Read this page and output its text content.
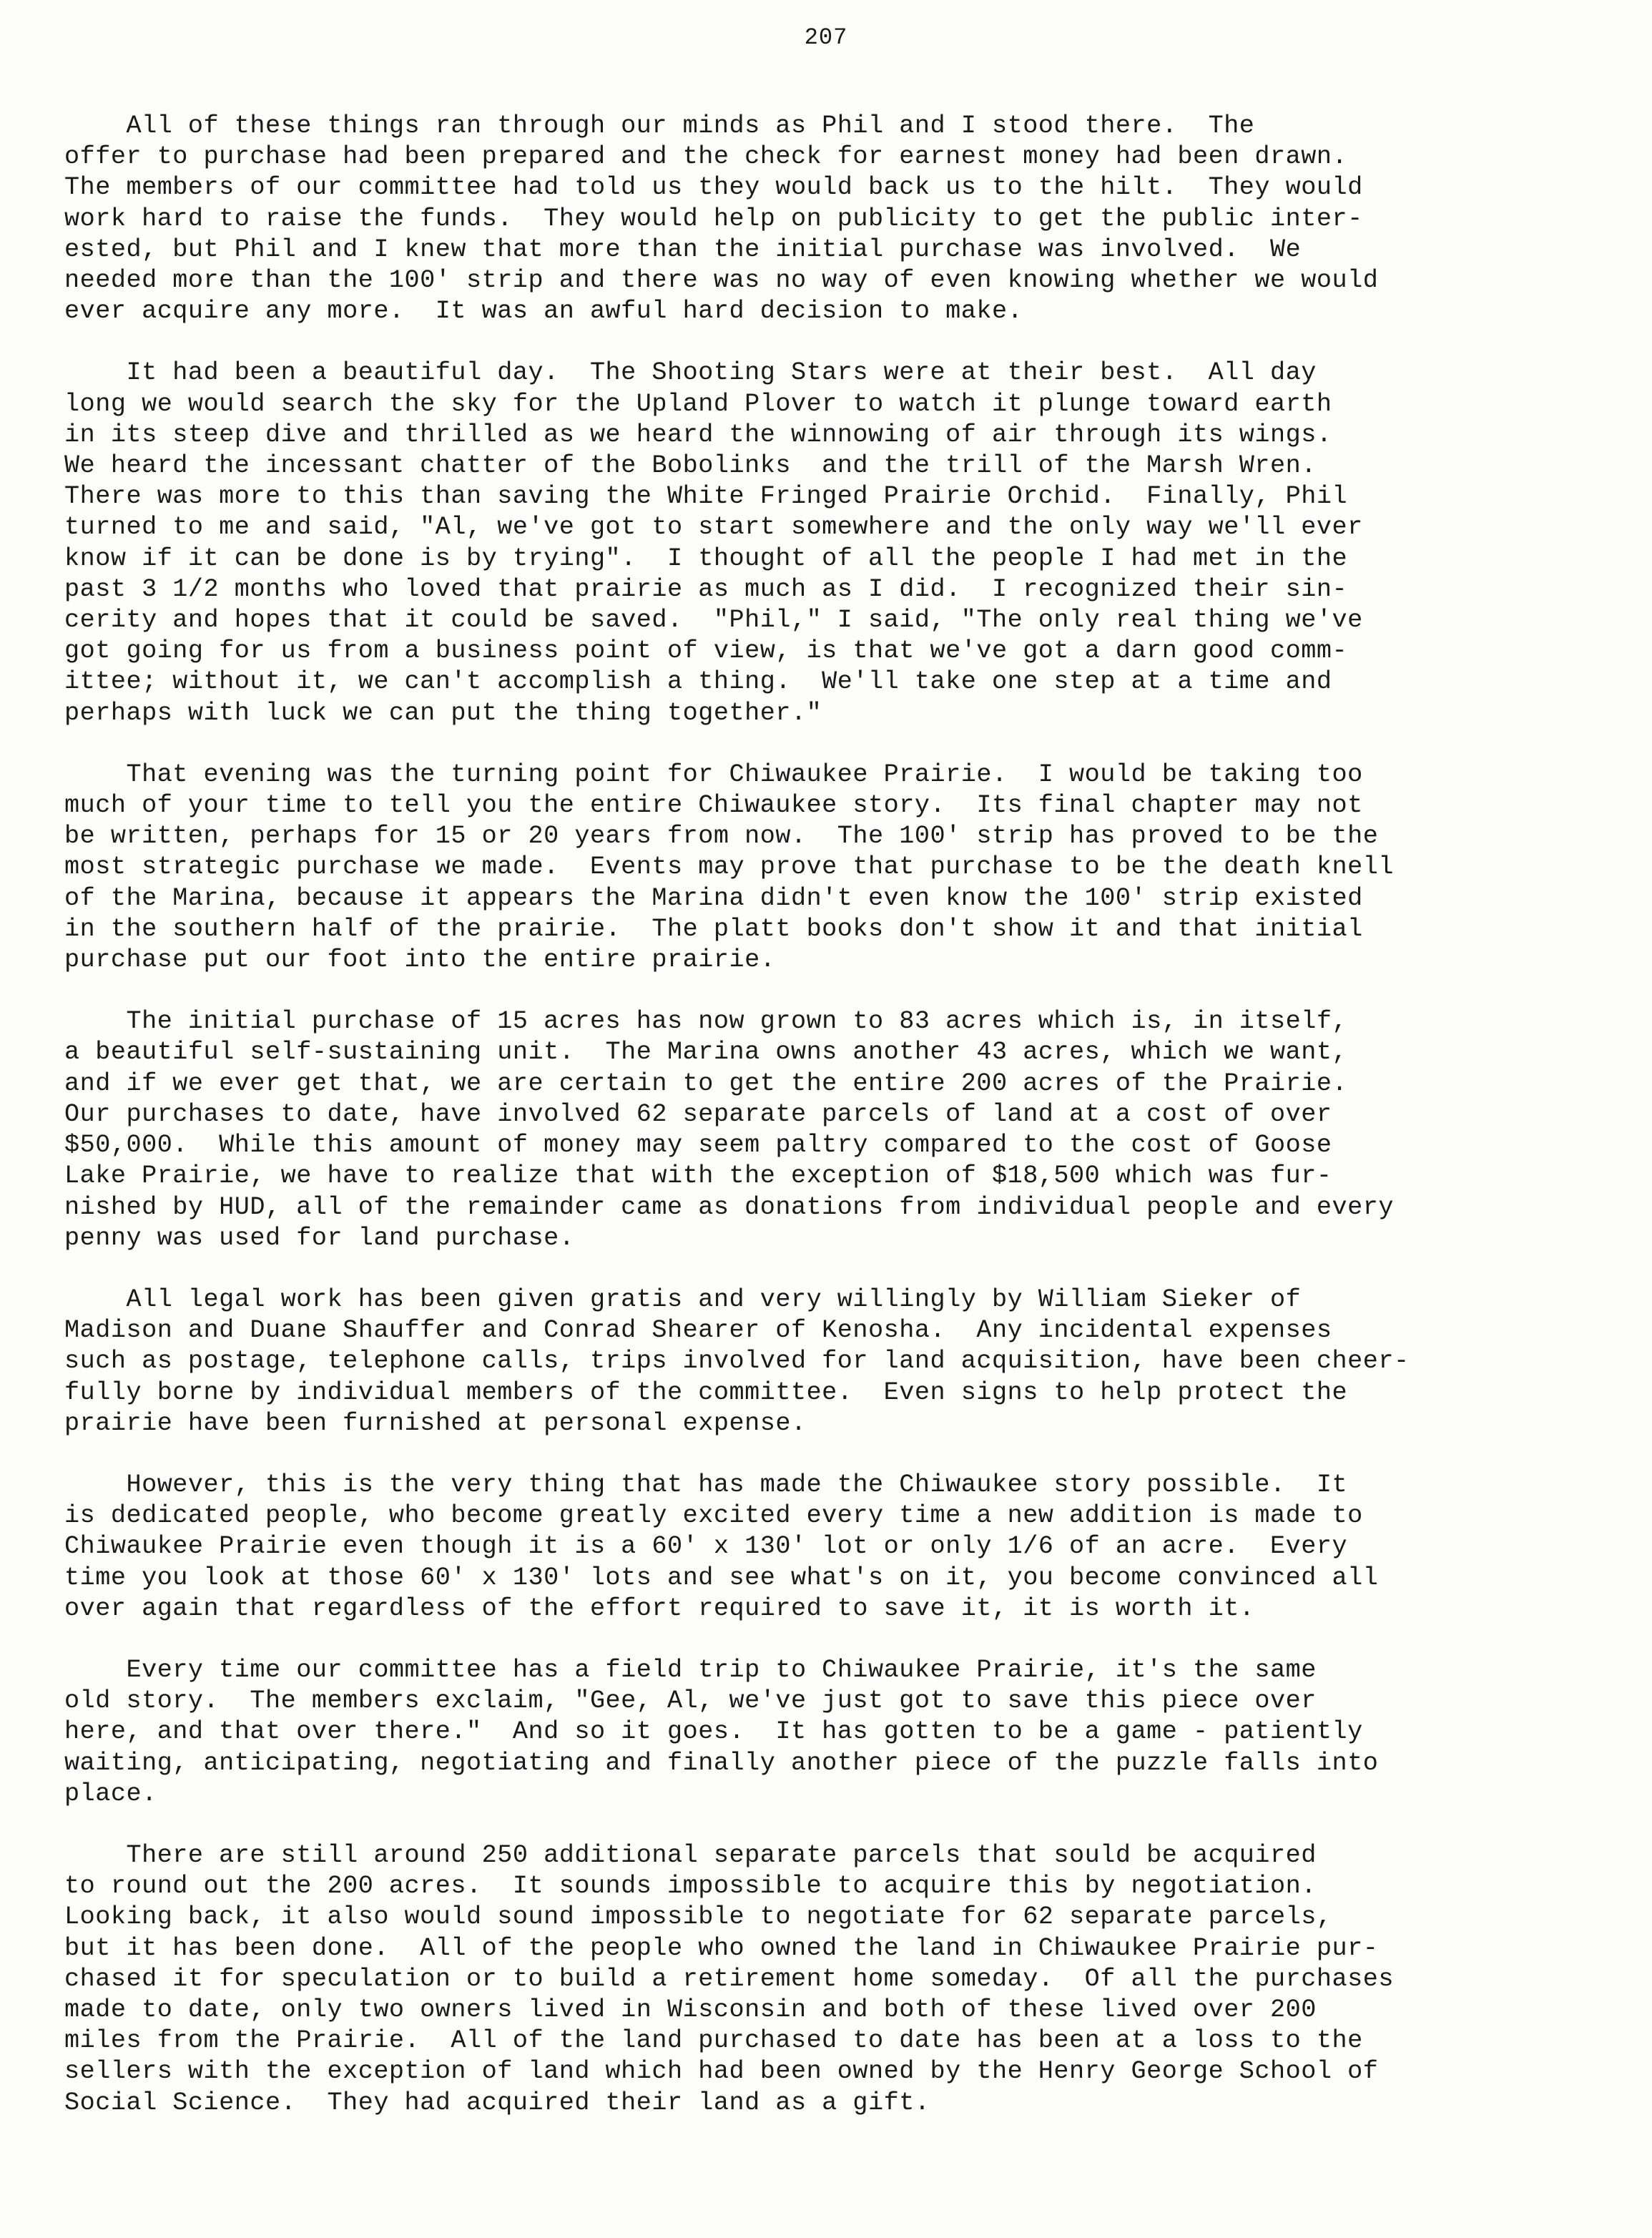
207
All of these things ran through our minds as Phil and I stood there.  The
offer to purchase had been prepared and the check for earnest money had been drawn.
The members of our committee had told us they would back us to the hilt.  They would
work hard to raise the funds.  They would help on publicity to get the public inter-
ested, but Phil and I knew that more than the initial purchase was involved.  We
needed more than the 100' strip and there was no way of even knowing whether we would
ever acquire any more.  It was an awful hard decision to make.
It had been a beautiful day.  The Shooting Stars were at their best.  All day
long we would search the sky for the Upland Plover to watch it plunge toward earth
in its steep dive and thrilled as we heard the winnowing of air through its wings.
We heard the incessant chatter of the Bobolinks  and the trill of the Marsh Wren.
There was more to this than saving the White Fringed Prairie Orchid.  Finally, Phil
turned to me and said, "Al, we've got to start somewhere and the only way we'll ever
know if it can be done is by trying".  I thought of all the people I had met in the
past 3 1/2 months who loved that prairie as much as I did.  I recognized their sin-
cerity and hopes that it could be saved.  "Phil," I said, "The only real thing we've
got going for us from a business point of view, is that we've got a darn good comm-
ittee; without it, we can't accomplish a thing.  We'll take one step at a time and
perhaps with luck we can put the thing together."
That evening was the turning point for Chiwaukee Prairie.  I would be taking too
much of your time to tell you the entire Chiwaukee story.  Its final chapter may not
be written, perhaps for 15 or 20 years from now.  The 100' strip has proved to be the
most strategic purchase we made.  Events may prove that purchase to be the death knell
of the Marina, because it appears the Marina didn't even know the 100' strip existed
in the southern half of the prairie.  The platt books don't show it and that initial
purchase put our foot into the entire prairie.
The initial purchase of 15 acres has now grown to 83 acres which is, in itself,
a beautiful self-sustaining unit.  The Marina owns another 43 acres, which we want,
and if we ever get that, we are certain to get the entire 200 acres of the Prairie.
Our purchases to date, have involved 62 separate parcels of land at a cost of over
$50,000.  While this amount of money may seem paltry compared to the cost of Goose
Lake Prairie, we have to realize that with the exception of $18,500 which was fur-
nished by HUD, all of the remainder came as donations from individual people and every
penny was used for land purchase.
All legal work has been given gratis and very willingly by William Sieker of
Madison and Duane Shauffer and Conrad Shearer of Kenosha.  Any incidental expenses
such as postage, telephone calls, trips involved for land acquisition, have been cheer-
fully borne by individual members of the committee.  Even signs to help protect the
prairie have been furnished at personal expense.
However, this is the very thing that has made the Chiwaukee story possible.  It
is dedicated people, who become greatly excited every time a new addition is made to
Chiwaukee Prairie even though it is a 60' x 130' lot or only 1/6 of an acre.  Every
time you look at those 60' x 130' lots and see what's on it, you become convinced all
over again that regardless of the effort required to save it, it is worth it.
Every time our committee has a field trip to Chiwaukee Prairie, it's the same
old story.  The members exclaim, "Gee, Al, we've just got to save this piece over
here, and that over there."  And so it goes.  It has gotten to be a game - patiently
waiting, anticipating, negotiating and finally another piece of the puzzle falls into
place.
There are still around 250 additional separate parcels that sould be acquired
to round out the 200 acres.  It sounds impossible to acquire this by negotiation.
Looking back, it also would sound impossible to negotiate for 62 separate parcels,
but it has been done.  All of the people who owned the land in Chiwaukee Prairie pur-
chased it for speculation or to build a retirement home someday.  Of all the purchases
made to date, only two owners lived in Wisconsin and both of these lived over 200
miles from the Prairie.  All of the land purchased to date has been at a loss to the
sellers with the exception of land which had been owned by the Henry George School of
Social Science.  They had acquired their land as a gift.
